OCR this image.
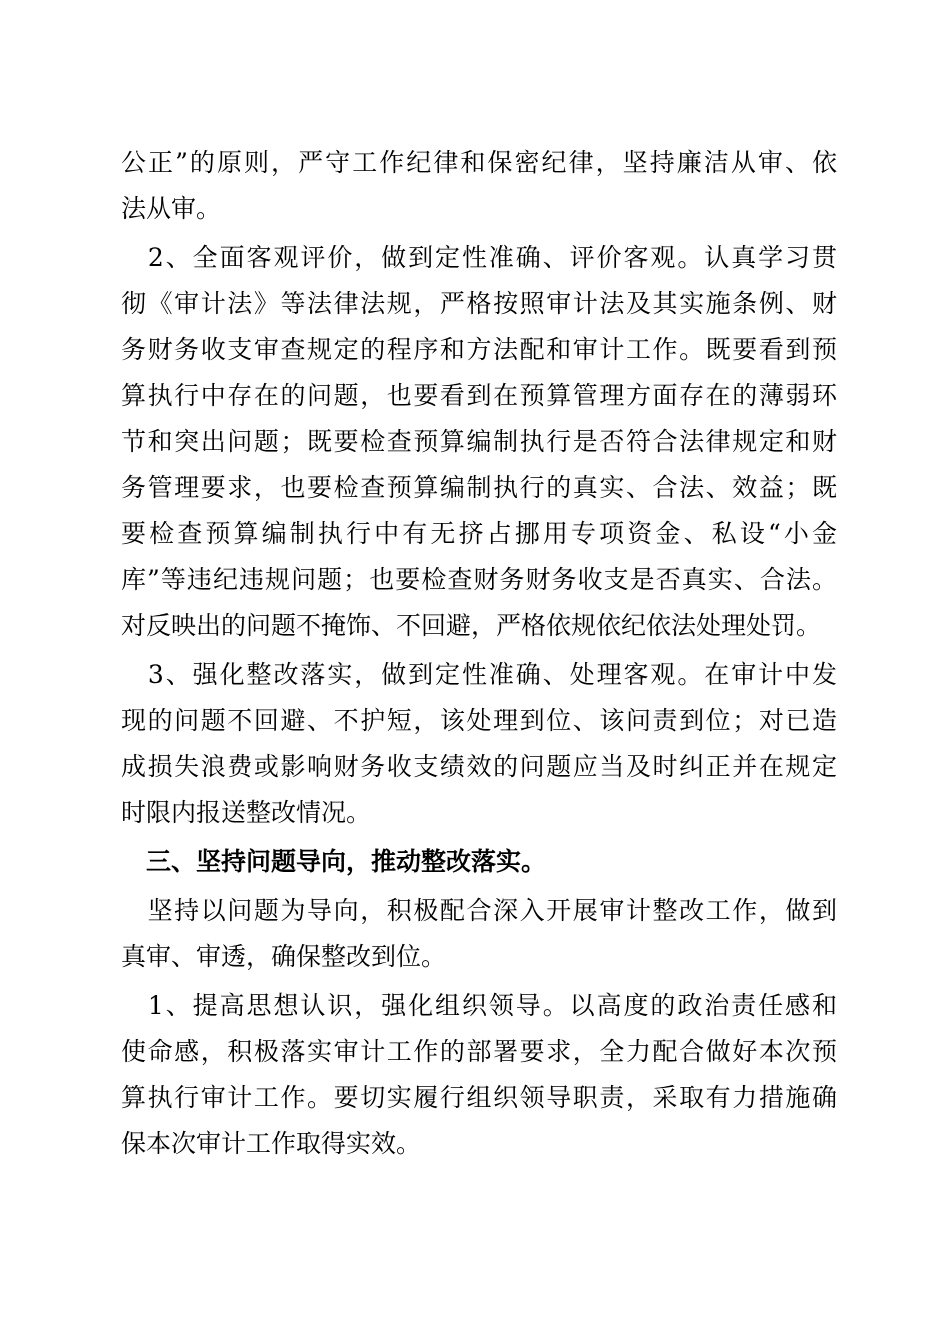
公正”的原则，严守工作纪律和保密纪律，坚持廉洁从审、依
法从审。
　2、全面客观评价，做到定性准确、评价客观。认真学习贯
彻《审计法》等法律法规，严格按照审计法及其实施条例、财
务财务收支审查规定的程序和方法配和审计工作。既要看到预
算执行中存在的问题，也要看到在预算管理方面存在的薄弱环
节和突出问题；既要检查预算编制执行是否符合法律规定和财
务管理要求，也要检查预算编制执行的真实、合法、效益；既
要检查预算编制执行中有无挤占挪用专项资金、私设“小金
库”等违纪违规问题；也要检查财务财务收支是否真实、合法。
对反映出的问题不掩饰、不回避，严格依规依纪依法处理处罚。
　3、强化整改落实，做到定性准确、处理客观。在审计中发
现的问题不回避、不护短，该处理到位、该问责到位；对已造
成损失浪费或影响财务收支绩效的问题应当及时纠正并在规定
时限内报送整改情况。
　三、坚持问题导向，推动整改落实。
　坚持以问题为导向，积极配合深入开展审计整改工作，做到
真审、审透，确保整改到位。
　1、提高思想认识，强化组织领导。以高度的政治责任感和
使命感，积极落实审计工作的部署要求，全力配合做好本次预
算执行审计工作。要切实履行组织领导职责，采取有力措施确
保本次审计工作取得实效。
